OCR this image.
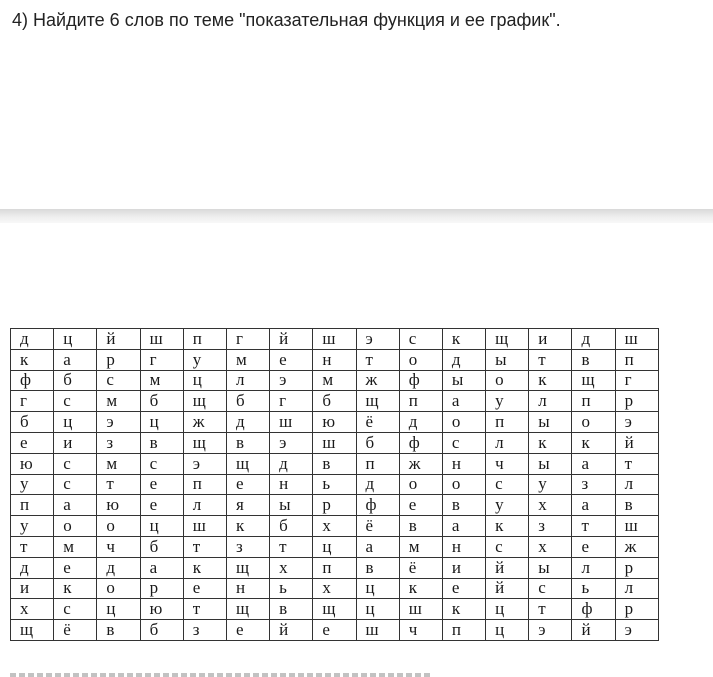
4) Найдите 6 слов по теме "показательная функция и ее график".
д	ц	й	ш	п	г	й	ш	э	с	к	щ	и	д	ш
к	а	р	г	у	м	е	н	т	о	д	ы	т	в	п
ф	б	с	м	ц	л	э	м	ж	ф	ы	о	к	щ	г
г	с	м	б	щ	б	г	б	щ	п	а	у	л	п	р
б	ц	э	ц	ж	д	ш	ю	ё	д	о	п	ы	о	э
е	и	з	в	щ	в	э	ш	б	ф	с	л	к	к	й
ю	с	м	с	э	щ	д	в	п	ж	н	ч	ы	а	т
у	с	т	е	п	е	н	ь	д	о	о	с	у	з	л
п	а	ю	е	л	я	ы	р	ф	е	в	у	х	а	в
у	о	о	ц	ш	к	б	х	ё	в	а	к	з	т	ш
т	м	ч	б	т	з	т	ц	а	м	н	с	х	е	ж
д	е	д	а	к	щ	х	п	в	ё	и	й	ы	л	р
и	к	о	р	е	н	ь	х	ц	к	е	й	с	ь	л
х	с	ц	ю	т	щ	в	щ	ц	ш	к	ц	т	ф	р
щ	ё	в	б	з	е	й	е	ш	ч	п	ц	э	й	э
